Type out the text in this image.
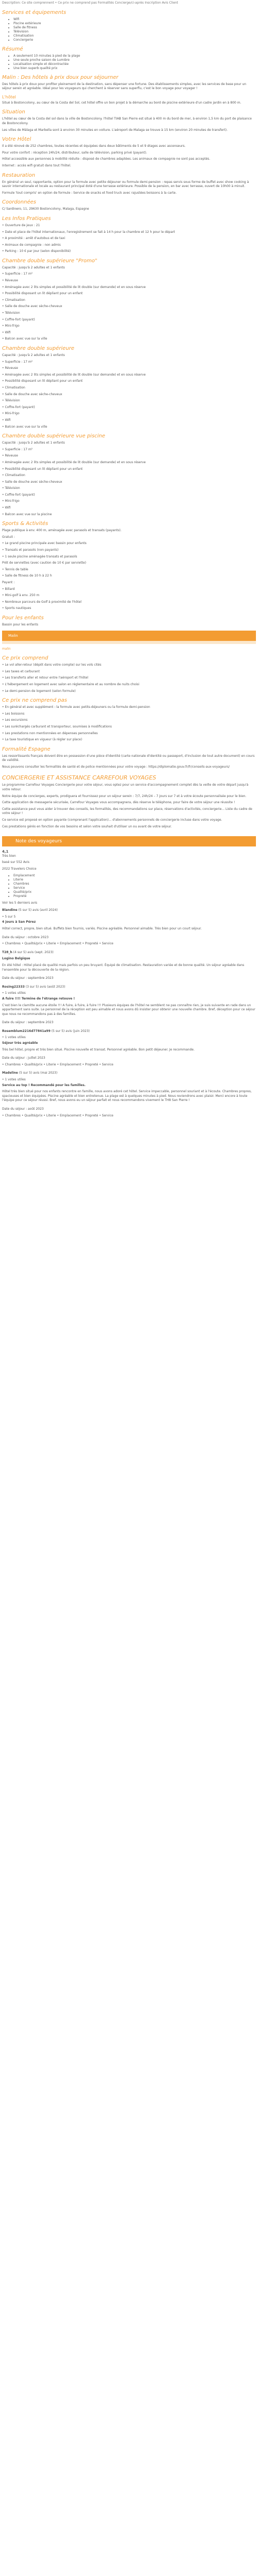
Description: Ce site comprennent • Ce prix ne comprend pas Formalités Concierge/ci-après Inscription Avis Client

Services et équipements
• Wifi
• Piscine extérieure
• Salle de fitness
• Télévision
• Climatisation
• Conciergerie
Résumé
• A seulement 10 minutes à pied de la plage
• Une seule proche saison de Lumière
• Localisation simple et décontractée
• Une bien superb qualité prix
Malin : Des hôtels à prix doux pour séjourner

Des hôtels à prix doux pour profiter pleinement de la destination, sans dépenser une fortune. Des établissements simples, avec les services de base pour un séjour serein et agréable. Idéal pour les voyageurs qui cherchent à réserver sans superflu, c'est le bon voyage pour voyager !

L'hôtel

Situé à Bostoncolony, au cœur de la Costa del Sol, cet hôtel offre un bon projet à la démarche au bord de piscine extérieure d'un cadre jardin en à 800 m.

Situation

L'hôtel au cœur de la Costa del sol dans la ville de Bostoncolony. l'hôtel TIAB San Pierre est situé à 400 m du bord de mer, à environ 1,5 km du port de plaisance de Bostoncolony.

Les villes de Málaga et Marbella sont à environ 30 minutes en voiture. L'aéroport de Malaga se trouve à 15 km (environ 20 minutes de transfert).

Votre Hôtel

Il a été rénové de 252 chambres, toutes récentes et équipées dans deux bâtiments de 5 et 9 étages avec ascenseurs.

Pour votre confort : réception 24h/24, distributeur, salle de télévision, parking privé (payant).

Hôtel accessible aux personnes à mobilité réduite : disposé de chambres adaptées. Les animaux de compagnie ne sont pas acceptés.

Internet : accès wifi gratuit dans tout l'hôtel.

Restauration

En général un seul, rapportante, option pour la formule avec petite déjeuner ou formule demi-pension : repas servis sous forme de buffet avec show cooking à savoir internationale et locale au restaurant principal doté d'une terrasse extérieure. Possible de la pension, en bar avec terrasse, ouvert de 10h00 à minuit.

Formule 'tout compris' en option de formule : Service de snacks et food truck avec rajustées boissons à la carte.

Coordonnées

C/ Sardinero, 11, 29630 Bostoncolony, Malaga, Espagne

Les Infos Pratiques

• Ouverture de jeux : 21

• Date et place de l'hôtel internationaux, l'enregistrement se fait à 14 h pour la chambre et 12 h pour le départ

• A proximité : arrêt d'autobus et de taxi

• Animaux de compagnie : non admis

• Parking : 10 € par jour (selon disponibilité)

Chambre double supérieure "Promo"

Capacité : jusqu'à 2 adultes et 1 enfants

• Superficie : 17 m²

• Réveuse

• Aménagée avec 2 lits simples et possibilité de lit double (sur demande) et en sous réserve

• Possibilité disposant un lit dépliant pour un enfant

• Climatisation

• Salle de douche avec sèche-cheveux

• Télévision

• Coffre-fort (payant)

• Mini-frigo

• Wifi

• Balcon avec vue sur la ville

Chambre double supérieure

Capacité : jusqu'à 2 adultes et 1 enfants

• Superficie : 17 m²

• Réveuse

• Aménagée avec 2 lits simples et possibilité de lit double (sur demande) et en sous réserve

• Possibilité disposant un lit dépliant pour un enfant

• Climatisation

• Salle de douche avec sèche-cheveux

• Télévision

• Coffre-fort (payant)

• Mini-frigo

• Wifi

• Balcon avec vue sur la ville

Chambre double supérieure vue piscine

Capacité : jusqu'à 2 adultes et 1 enfants

• Superficie : 17 m²

• Réveuse

• Aménagée avec 2 lits simples et possibilité de lit double (sur demande) et en sous réserve

• Possibilité disposant un lit dépliant pour un enfant

• Climatisation

• Salle de douche avec sèche-cheveux

• Télévision

• Coffre-fort (payant)

• Mini-frigo

• Wifi

• Balcon avec vue sur la piscine

Sports & Activités

Plage publique à env. 400 m, aménagée avec parasols et transats (payants).

Gratuit :

• Le grand piscine principale avec bassin pour enfants

• Transats et parasols (non payants)

• 1 seule piscine aménagée transats et parasols

Prêt de serviettes (avec caution de 10 € par serviette)

• Tennis de table

• Salle de fitness de 10 h à 22 h

Payant :

• Billard

• Mini-golf à env. 250 m

• Nombreux parcours de Golf à proximité de l'hôtel

• Sports nautiques

Pour les enfants

Bassin pour les enfants

Malin

malin

Ce prix comprend

• Le vol aller-retour (dépôt dans votre compte) sur les vols cités

• Les taxes et carburant

• Les transferts aller et retour entre l'aéroport et l'hôtel

• L'hébergement en logement avec salon en réglementaire et au nombre de nuits choisi

• Le demi-pension de logement (selon formule)

Ce prix ne comprend pas

• En général et avec supplément : la formule avec petits-déjeuners ou la formule demi-pension

• Les boissons

• Les excursions

• Les suréchargés carburant et transporteur, soumises à modifications

• Les prestations non mentionnées en dépenses personnelles

• La taxe touristique en vigueur (à régler sur place)

Formalité Espagne

Les ressortissants français doivent être en possession d'une pièce d'identité (carte nationale d'identité ou passeport, d'inclusion de tout autre document) en cours de validité.

Nous pouvons consulter les formalités de santé et de police mentionnées pour votre voyage : https://diplomatie.gouv.fr/fr/conseils-aux-voyageurs/

CONCIERGERIE ET ASSISTANCE CARREFOUR VOYAGES

Le programme Carrefour Voyages Conciergerie pour votre séjour, vous optez pour un service d'accompagnement complet dès la veille de votre départ jusqu'à votre retour.

Notre équipe de concierges, experts, prodiguera et fournissez pour un séjour serein : 7/7, 24h/24 – 7 jours sur 7 et à votre écoute personnalisée pour le bien.

Cette application de messagerie sécurisée, Carrefour Voyages vous accompagnera, dès réserve le téléphone, pour faire de votre séjour une réussite !

Cette assistance peut vous aider à trouver des conseils, les formalités, des recommandations sur place, réservations d'activités, conciergerie... Liste du cadre de votre séjour !

Ce service est proposé en option payante (comprenant l'application)... d'abonnements personnels de conciergerie incluse dans votre voyage.

Ces prestations gérés en fonction de vos besoins et selon votre souhait d'utiliser un ou avant de votre séjour.

Note des voyageurs
4,1

Très bien

basé sur 552 Avis

2022 Travelers Choice

• Emplacement
• Literie
• Chambres
• Service
• Qualité/prix
• Propreté

Voir les 5 derniers avis

Blandine (5 sur 5) avis (avril 2024)

• 5 sur 5

4 jours à San Pérez

Hôtel correct, propre, bien situé. Buffets bien fournis, variés. Piscine agréable. Personnel aimable. Très bien pour un court séjour.

Date du séjour : octobre 2023

• Chambres • Qualité/prix • Literie • Emplacement • Propreté • Service

T28_h (4 sur 5) avis (sept. 2023)

Logino Belgique

En été hôtel : Hôtel placé de qualité mais parfois un peu bruyant. Équipé de climatisation. Restauration variée et de bonne qualité. Un séjour agréable dans l'ensemble pour la découverte de la région.

Date du séjour : septembre 2023

Rosing22333 (3 sur 5) avis (août 2023)

• 1 votes utiles

A fuire !!!! Termine de l'étrange retouve !

C'est bien le clamitte aucune étoile !!! A fuire, à fuire, à fuire !!! Plusieurs équipes de l'hôtel ne semblent ne pas connaître rien, je suis suivante en rade dans un appartement sans suite. Le personnel de la réception est peu aimable et nous avons dû insister pour obtenir une nouvelle chambre. Bref, déception pour ce séjour que nous ne recommandons pas à des familles.

Date du séjour : septembre 2023

Rosemblum2216d77841a99 (5 sur 5) avis (juin 2023)

• 1 votes utiles

Séjour très agréable

Très bel hôtel, propre et très bien situé. Piscine nouvelle et transat. Personnel agréable. Bon petit déjeuner. Je recommande.

Date du séjour : juillet 2023

• Chambres • Qualité/prix • Literie • Emplacement • Propreté • Service

Madeline (5 sur 5) avis (mai 2023)

• 1 votes utiles

Service au top ! Recommandé pour les familles.

Hôtel très bien situé pour nos enfants rencontre en famille, nous avons adoré cet hôtel. Service impeccable, personnel souriant et à l'écoute. Chambres propres, spacieuses et bien équipées. Piscine agréable et bien entretenue. La plage est à quelques minutes à pied. Nous reviendrons avec plaisir. Merci encore à toute l'équipe pour ce séjour réussi. Bref, nous avons eu un séjour parfait et nous recommandons vivement le TH8 San Pierre !

Date du séjour : août 2023

• Chambres • Qualité/prix • Literie • Emplacement • Propreté • Service
